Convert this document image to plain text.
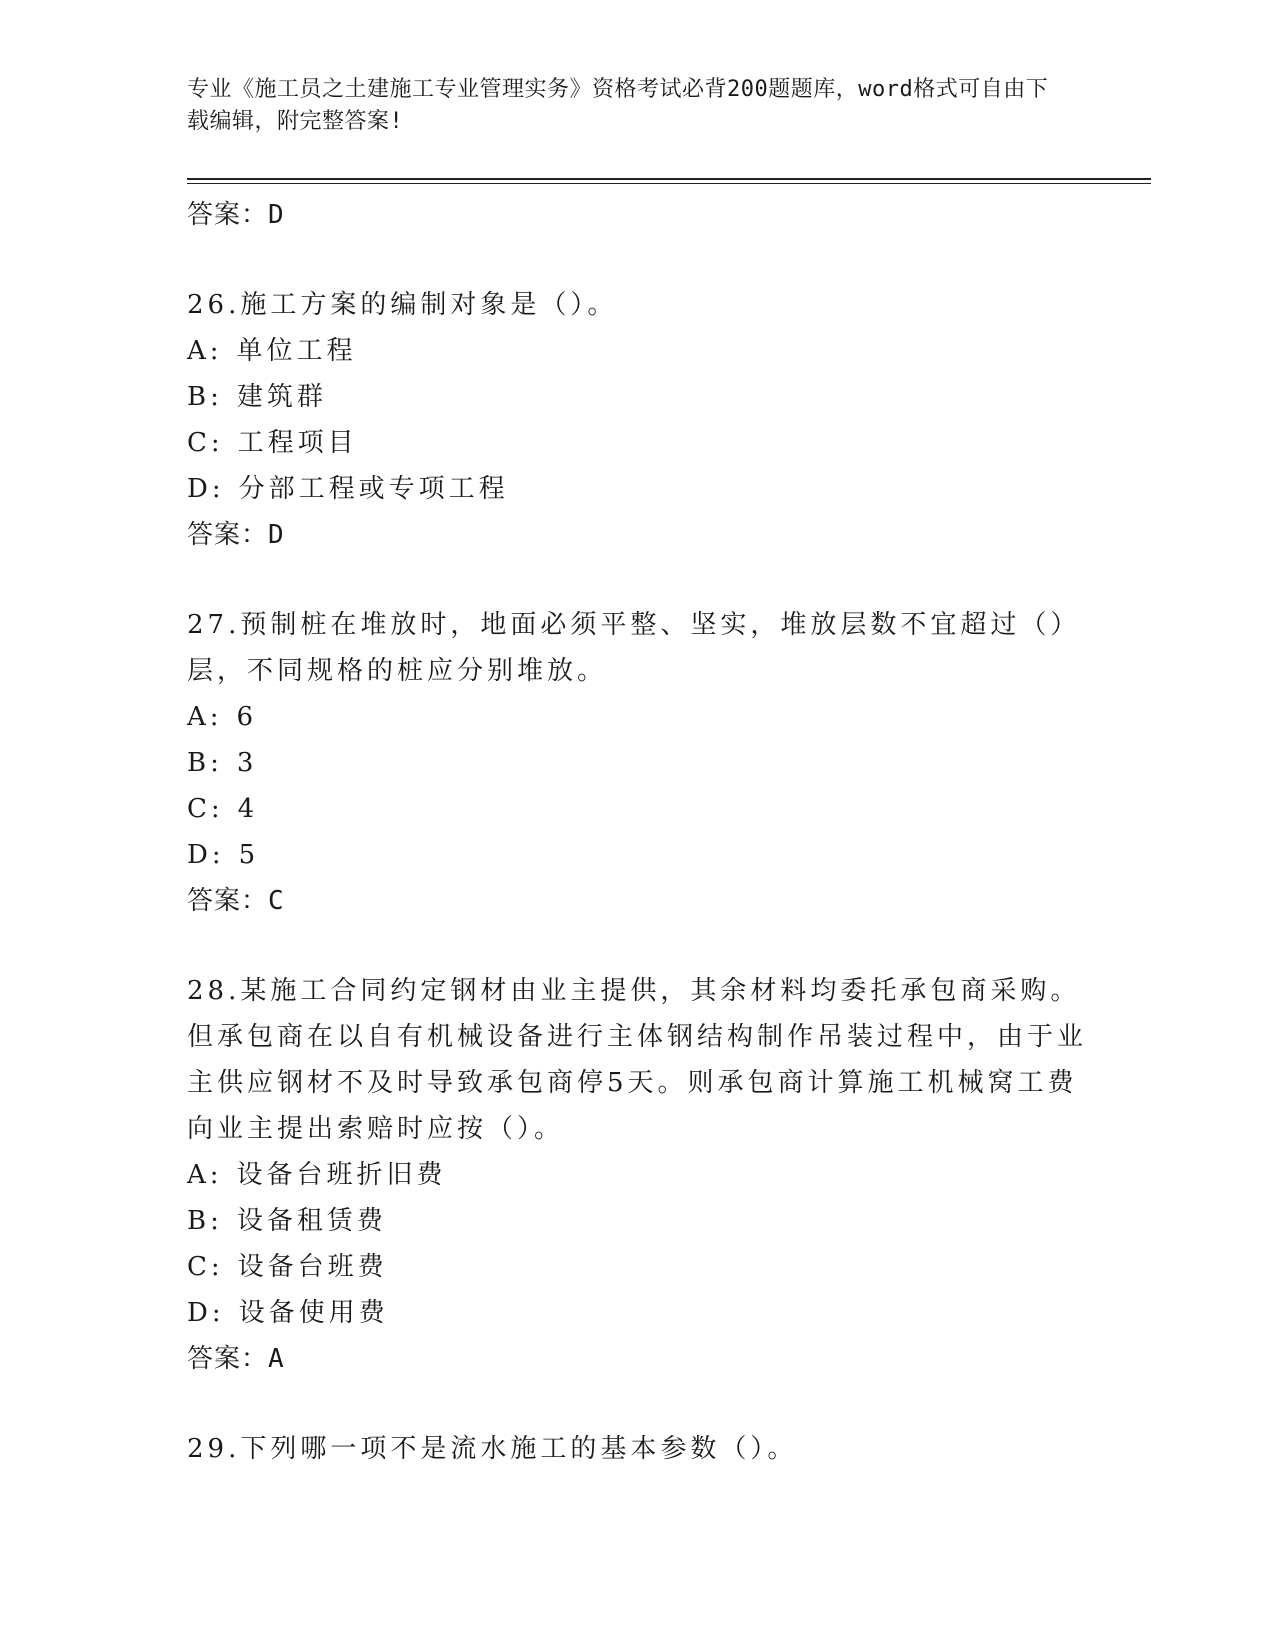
专业《施工员之土建施工专业管理实务》资格考试必背200题题库，word格式可自由下载编辑，附完整答案!

答案：D

26.施工方案的编制对象是（）。

A: 单位工程

B: 建筑群

C: 工程项目

D: 分部工程或专项工程

答案：D

27.预制桩在堆放时，地面必须平整、坚实，堆放层数不宜超过（）层，不同规格的桩应分别堆放。

A: 6

B: 3

C: 4

D: 5

答案：C

28.某施工合同约定钢材由业主提供，其余材料均委托承包商采购。但承包商在以自有机械设备进行主体钢结构制作吊装过程中，由于业主供应钢材不及时导致承包商停5天。则承包商计算施工机械窝工费向业主提出索赔时应按（）。

A: 设备台班折旧费

B: 设备租赁费

C: 设备台班费

D: 设备使用费

答案：A

29.下列哪一项不是流水施工的基本参数（）。
